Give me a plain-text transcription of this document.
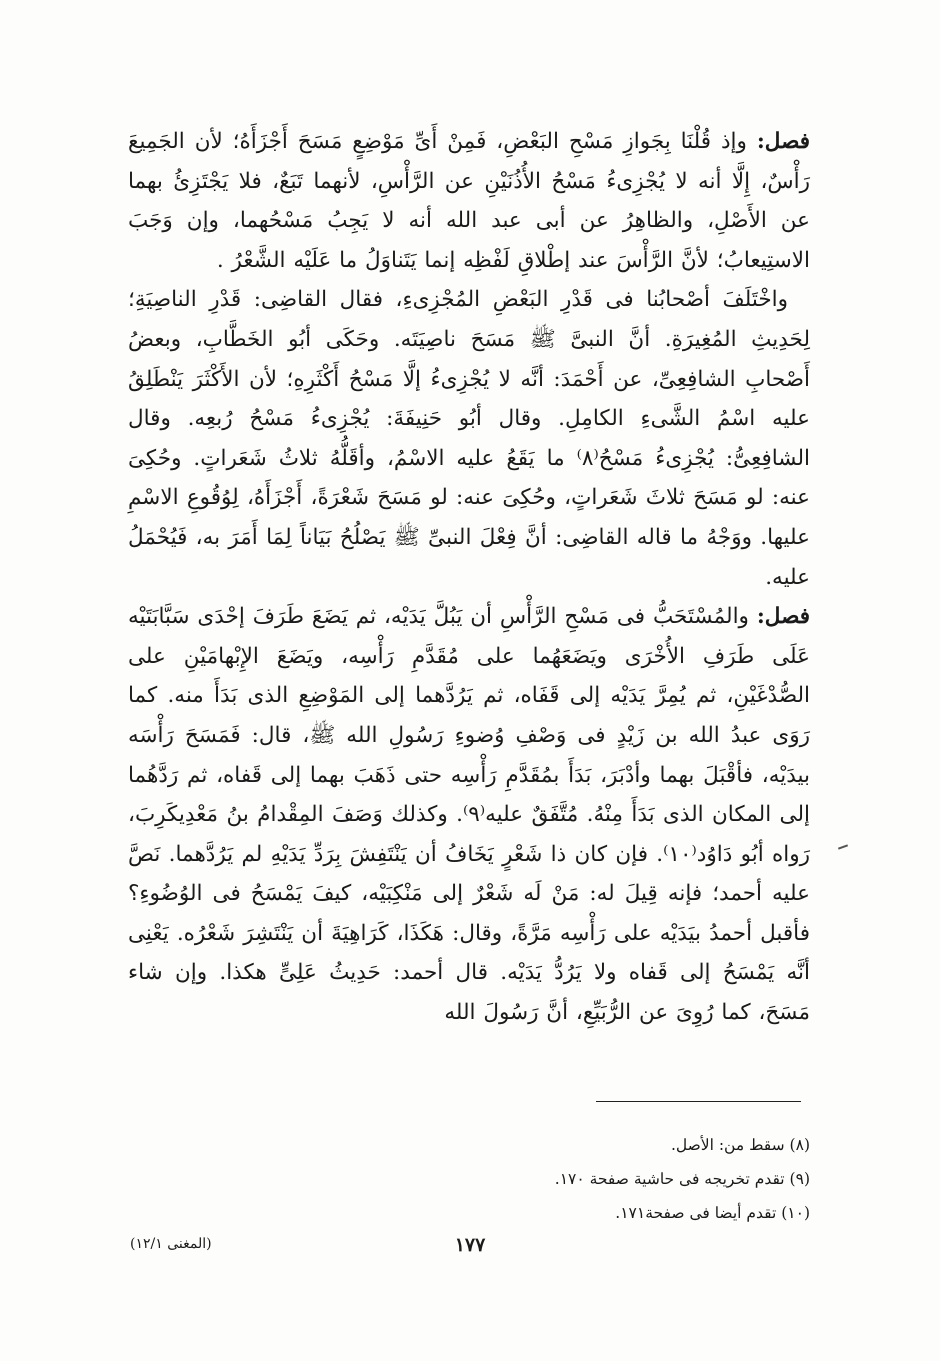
فصل: وإذ قُلْنَا بِجَوازِ مَسْحِ البَعْضِ، فَمِنْ أَىِّ مَوْضِعٍ مَسَحَ أَجْزَأَهُ؛ لأن الجَمِيعَ رَأْسٌ، إِلَّا أنه لا يُجْزِىءُ مَسْحُ الأُذُنَيْنِ عن الرَّأْسِ، لأنهما تَبَعٌ، فلا يَجْتَزِئُ بهما عن الأَصْلِ، والظاهِرُ عن أبى عبد الله أنه لا يَجِبُ مَسْحُهما، وإن وَجَبَ الاستِيعابُ؛ لأنَّ الرَّأْسَ عند إطْلاقِ لَفْظِه إنما يَتَناوَلُ ما عَلَيْه الشَّعْرُ .

واخْتَلَفَ أصْحابُنا فى قَدْرِ البَعْضِ المُجْزِىءِ، فقال القاضِى: قَدْرِ الناصِيَةِ؛ لِحَدِيثِ المُغِيرَةِ. أنَّ النبىَّ ﷺ مَسَحَ ناصِيَتَه. وحَكَى أبُو الخَطَّابِ، وبعضُ أَصْحابِ الشافِعِىِّ، عن أَحْمَدَ: أنَّه لا يُجْزِىءُ إلَّا مَسْحُ أَكْثَرِهِ؛ لأن الأَكْثَرَ يَنْطَلِقُ عليه اسْمُ الشَّىءِ الكامِلِ. وقال أبُو حَنِيفَةَ: يُجْزِىءُ مَسْحُ رُبعِه. وقال الشافِعِىُّ: يُجْزِىءُ مَسْحُ⁽٨⁾ ما يَقَعُ عليه الاسْمُ، وأقَلُّهُ ثلاثُ شَعَراتٍ. وحُكِىَ عنه: لو مَسَحَ ثلاثَ شَعَراتٍ، وحُكِىَ عنه: لو مَسَحَ شَعْرَةً، أَجْزَأَهُ، لِوُقُوعِ الاسْمِ عليها. ووَجْهُ ما قاله القاضِى: أنَّ فِعْلَ النبىِّ ﷺ يَصْلُحُ بَيَاناً لِمَا أَمَرَ به، فَيُحْمَلُ عليه.

فصل: والمُسْتَحَبُّ فى مَسْحِ الرَّأْسِ أن يَبُلَّ يَدَيْه، ثم يَضَعَ طَرَفَ إحْدَى سَبَّابَتَيْه عَلَى طَرَفِ الأُخْرَى ويَضَعَهُما على مُقَدَّمِ رَأْسِه، ويَضَعَ الإِبْهامَيْنِ على الصُّدْغَيْنِ، ثم يُمِرَّ يَدَيْه إلى قَفَاه، ثم يَرُدَّهما إلى المَوْضِعِ الذى بَدَأَ منه. كما رَوَى عبدُ الله بن زَيْدٍ فى وَصْفِ وُضوءِ رَسُولِ الله ﷺ، قال: فَمَسَحَ رَأْسَه بيدَيْه، فأقْبَلَ بهما وأدْبَرَ، بَدَأَ بمُقَدَّمِ رَأْسِه حتى ذَهَبَ بهما إلى قَفاه، ثم رَدَّهُما إلى المكان الذى بَدَأَ مِنْهُ. مُتَّفَقٌ عليه⁽٩⁾. وكذلك وَصَفَ المِقْدامُ بنُ مَعْدِيكَرِبَ، رَواه أبُو دَاوُد⁽١٠⁾. فإن كان ذا شَعْرٍ يَخَافُ أن يَنْتَفِشَ بِرَدِّ يَدَيْهِ لم يَرُدَّهما. نَصَّ عليه أحمد؛ فإنه قِيلَ له: مَنْ لَه شَعْرٌ إلى مَنْكِبَيْه، كيفَ يَمْسَحُ فى الوُضُوءِ؟ فأقبل أحمدُ بيَدَيْه على رَأْسِه مَرَّةً، وقال: هَكَذَا، كَرَاهِيَةَ أن يَنْتَشِرَ شَعْرُه. يَعْنِى أنَّه يَمْسَحُ إلى قَفاه ولا يَرُدُّ يَدَيْه. قال أحمد: حَدِيثُ عَلِىٍّ هكذا. وإن شاء مَسَحَ، كما رُوِىَ عن الرُّبَيِّعِ، أنَّ رَسُولَ الله

(٨) سقط من: الأصل.

(٩) تقدم تخريجه فى حاشية صفحة ١٧٠.

(١٠) تقدم أيضا فى صفحة١٧١.

١٧٧
(المغنى ١٢/١)
